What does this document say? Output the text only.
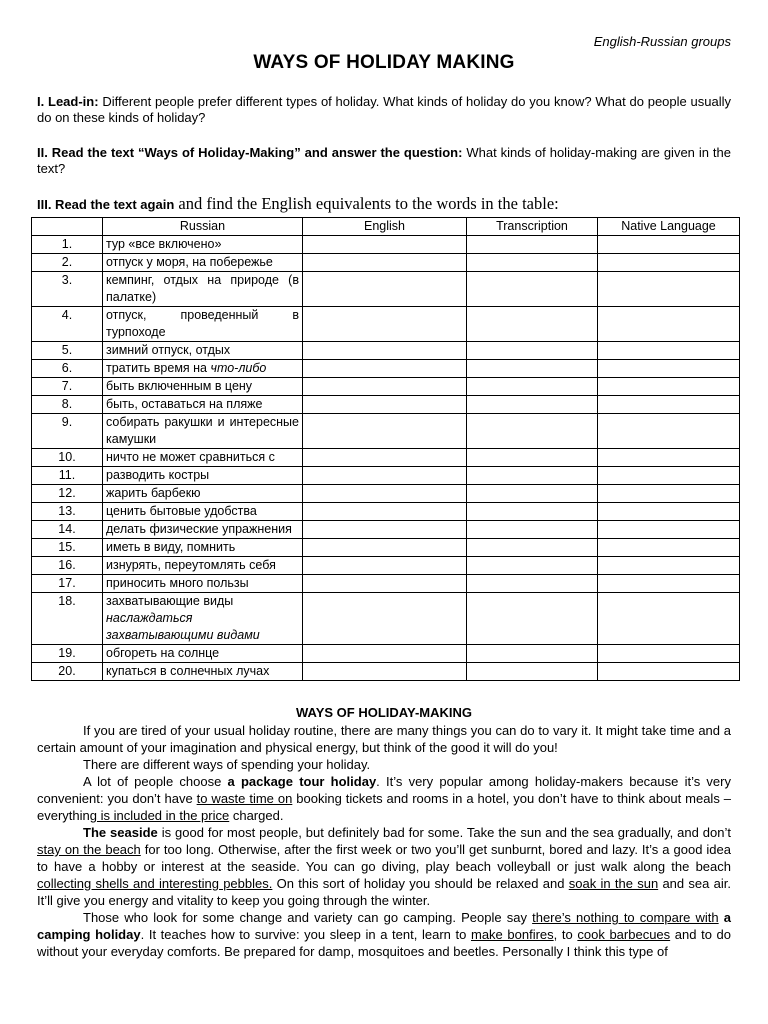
English-Russian groups
WAYS OF HOLIDAY MAKING
I. Lead-in: Different people prefer different types of holiday. What kinds of holiday do you know? What do people usually do on these kinds of holiday?
II. Read the text “Ways of Holiday-Making” and answer the question: What kinds of holiday-making are given in the text?
III. Read the text again and find the English equivalents to the words in the table:
	Russian	English	Transcription	Native Language
1.	тур «все включено»			
2.	отпуск у моря, на побережье			
3.	кемпинг, отдых на природе (в палатке)			
4.	отпуск, проведенный в турпоходе			
5.	зимний отпуск, отдых			
6.	тратить время на что-либо			
7.	быть включенным в цену			
8.	быть, оставаться на пляже			
9.	собирать ракушки и интересные камушки			
10.	ничто не может сравниться с			
11.	разводить костры			
12.	жарить барбекю			
13.	ценить бытовые удобства			
14.	делать физические упражнения			
15.	иметь в виду, помнить			
16.	изнурять, переутомлять себя			
17.	приносить много пользы			
18.	захватывающие виды
наслаждаться захватывающими видами			
19.	обгореть на солнце			
20.	купаться в солнечных лучах			
WAYS OF HOLIDAY-MAKING

If you are tired of your usual holiday routine, there are many things you can do to vary it. It might take time and a certain amount of your imagination and physical energy, but think of the good it will do you!

There are different ways of spending your holiday.

A lot of people choose a package tour holiday. It’s very popular among holiday-makers because it’s very convenient: you don’t have to waste time on booking tickets and rooms in a hotel, you don’t have to think about meals – everything is included in the price charged.

The seaside is good for most people, but definitely bad for some. Take the sun and the sea gradually, and don’t stay on the beach for too long. Otherwise, after the first week or two you’ll get sunburnt, bored and lazy. It’s a good idea to have a hobby or interest at the seaside. You can go diving, play beach volleyball or just walk along the beach collecting shells and interesting pebbles. On this sort of holiday you should be relaxed and soak in the sun and sea air. It’ll give you energy and vitality to keep you going through the winter.

Those who look for some change and variety can go camping. People say there’s nothing to compare with a camping holiday. It teaches how to survive: you sleep in a tent, learn to make bonfires, to cook barbecues and to do without your everyday comforts. Be prepared for damp, mosquitoes and beetles. Personally I think this type of
